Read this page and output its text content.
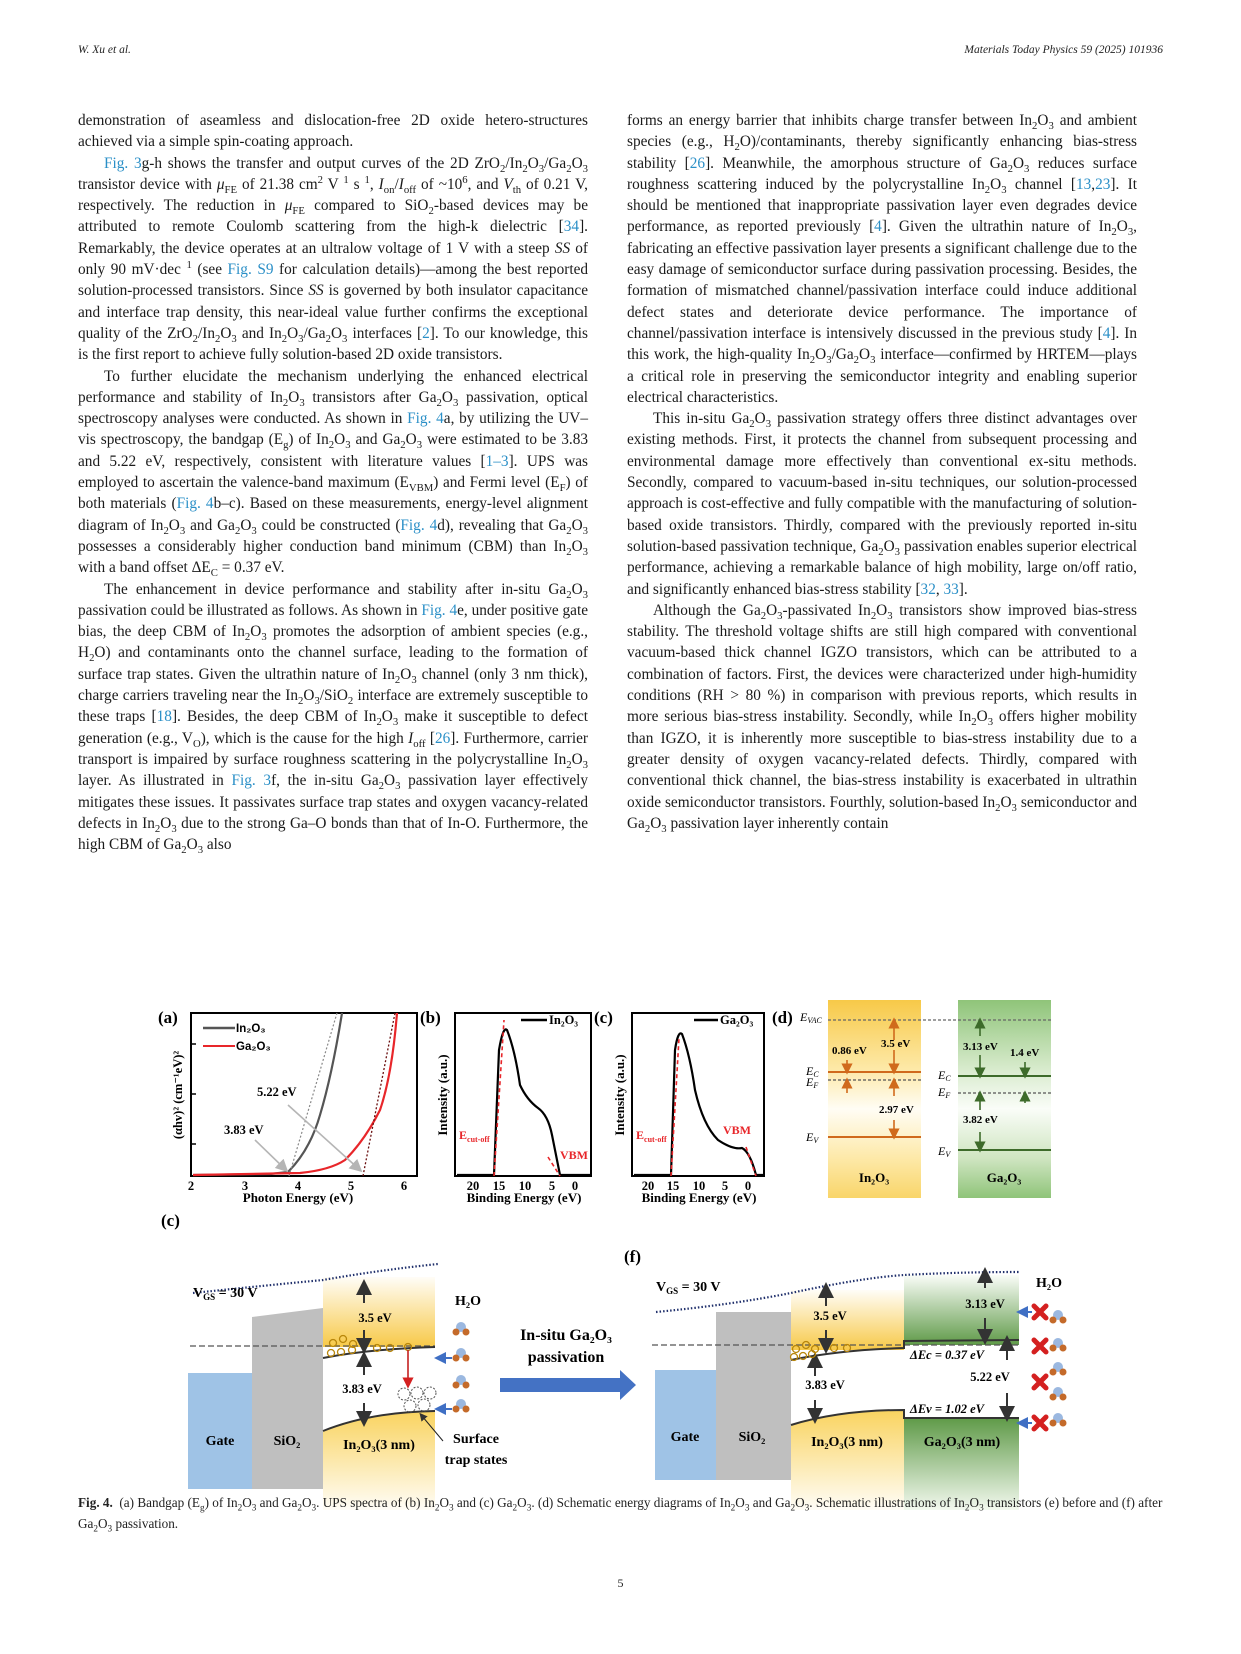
W. Xu et al.	Materials Today Physics 59 (2025) 101936

demonstration of aseamless and dislocation-free 2D oxide hetero-structures achieved via a simple spin-coating approach.

Fig. 3g-h shows the transfer and output curves of the 2D $ZrO_2/In_2O_3/Ga_2O_3$ transistor device with $\mu_{FE}$ of 21.38 $cm^2$ V $^1$ s $^1$, $I_{on}/I_{off}$ of $\sim 10^6$, and $V_{th}$ of 0.21 V, respectively. The reduction in $\mu_{FE}$ compared to SiO$_2$-based devices may be attributed to remote Coulomb scattering from the high-k dielectric [34]. Remarkably, the device operates at an ultralow voltage of 1 V with a steep SS of only 90 mV·dec $^1$ (see Fig. S9 for calculation details)—among the best reported solution-processed transistors. Since SS is governed by both insulator capacitance and interface trap density, this near-ideal value further confirms the exceptional quality of the $ZrO_2/In_2O_3$ and $In_2O_3/Ga_2O_3$ interfaces [2]. To our knowledge, this is the first report to achieve fully solution-based 2D oxide transistors.

To further elucidate the mechanism underlying the enhanced electrical performance and stability of $In_2O_3$ transistors after $Ga_2O_3$ passivation, optical spectroscopy analyses were conducted. As shown in Fig. 4a, by utilizing the UV–vis spectroscopy, the bandgap $(E_g)$ of $In_2O_3$ and $Ga_2O_3$ were estimated to be 3.83 and 5.22 eV, respectively, consistent with literature values [1–3]. UPS was employed to ascertain the valence-band maximum $(E_{VBM})$ and Fermi level $(E_F)$ of both materials (Fig. 4b–c). Based on these measurements, energy-level alignment diagram of $In_2O_3$ and $Ga_2O_3$ could be constructed (Fig. 4d), revealing that $Ga_2O_3$ possesses a considerably higher conduction band minimum (CBM) than $In_2O_3$ with a band offset $\Delta E_C = 0.37$ eV.

The enhancement in device performance and stability after in-situ $Ga_2O_3$ passivation could be illustrated as follows. As shown in Fig. 4e, under positive gate bias, the deep CBM of $In_2O_3$ promotes the adsorption of ambient species (e.g., $H_2O$) and contaminants onto the channel surface, leading to the formation of surface trap states. Given the ultrathin nature of $In_2O_3$ channel (only 3 nm thick), charge carriers traveling near the $In_2O_3/SiO_2$ interface are extremely susceptible to these traps [18]. Besides, the deep CBM of $In_2O_3$ make it susceptible to defect generation (e.g., $V_O$), which is the cause for the high $I_{off}$ [26]. Furthermore, carrier transport is impaired by surface roughness scattering in the polycrystalline $In_2O_3$ layer. As illustrated in Fig. 3f, the in-situ $Ga_2O_3$ passivation layer effectively mitigates these issues. It passivates surface trap states and oxygen vacancy-related defects in $In_2O_3$ due to the strong Ga–O bonds than that of In-O. Furthermore, the high CBM of $Ga_2O_3$ also

forms an energy barrier that inhibits charge transfer between $In_2O_3$ and ambient species (e.g., $H_2O$)/contaminants, thereby significantly enhancing bias-stress stability [26]. Meanwhile, the amorphous structure of $Ga_2O_3$ reduces surface roughness scattering induced by the polycrystalline $In_2O_3$ channel [13,23]. It should be mentioned that inappropriate passivation layer even degrades device performance, as reported previously [4]. Given the ultrathin nature of $In_2O_3$, fabricating an effective passivation layer presents a significant challenge due to the easy damage of semiconductor surface during passivation processing. Besides, the formation of mismatched channel/passivation interface could induce additional defect states and deteriorate device performance. The importance of channel/passivation interface is intensively discussed in the previous study [4]. In this work, the high-quality $In_2O_3/Ga_2O_3$ interface—confirmed by HRTEM—plays a critical role in preserving the semiconductor integrity and enabling superior electrical characteristics.

This in-situ $Ga_2O_3$ passivation strategy offers three distinct advantages over existing methods. First, it protects the channel from subsequent processing and environmental damage more effectively than conventional ex-situ methods. Secondly, compared to vacuum-based in-situ techniques, our solution-processed approach is cost-effective and fully compatible with the manufacturing of solution-based oxide transistors. Thirdly, compared with the previously reported in-situ solution-based passivation technique, $Ga_2O_3$ passivation enables superior electrical performance, achieving a remarkable balance of high mobility, large on/off ratio, and significantly enhanced bias-stress stability [32, 33].

Although the $Ga_2O_3$-passivated $In_2O_3$ transistors show improved bias-stress stability. The threshold voltage shifts are still high compared with conventional vacuum-based thick channel IGZO transistors, which can be attributed to a combination of factors. First, the devices were characterized under high-humidity conditions (RH > 80 %) in comparison with previous reports, which results in more serious bias-stress instability. Secondly, while $In_2O_3$ offers higher mobility than IGZO, it is inherently more susceptible to bias-stress instability due to a greater density of oxygen vacancy-related defects. Thirdly, compared with conventional thick channel, the bias-stress instability is exacerbated in ultrathin oxide semiconductor transistors. Fourthly, solution-based $In_2O_3$ semiconductor and $Ga_2O_3$ passivation layer inherently contain

(a)
(αhv)² (cm⁻¹eV)²
In₂O₃
Ga₂O₃
5.22 eV
3.83 eV
2	3	4	5	6
Photon Energy (eV)
(b)
Intensity (a.u.)
In₂O₃
$E_{cut-off}$
VBM
20 15 10 5 0
Binding Energy (eV)
(c)
Intensity (a.u.)
Ga₂O₃
$E_{cut-off}$
VBM
20 15 10 5 0
Binding Energy (eV)
(d) EVAC
EC
EF
EV
0.86 eV
3.5 eV
2.97 eV
In₂O₃
EC
EF
EV
3.13 eV 1.4 eV
3.82 eV
Ga₂O₃
(c)
3.5 eV
3.83 eV
H₂O
Gate	SiO₂	In₂O₃(3 nm)	Surface
trap states
$V_{GS} = 30$ V
In-situ Ga₂O₃
passivation
(f)
3.5 eV
3.13 eV
3.83 eV
5.22 eV
ΔEc = 0.37 eV
ΔEv = 1.02 eV
H₂O
Gate	SiO₂	In₂O₃(3 nm)	Ga₂O₃(3 nm)
$V_{GS} = 30$ V
Fig. 4. (a) Bandgap $(E_g)$ of $In_2O_3$ and $Ga_2O_3$. UPS spectra of (b) $In_2O_3$ and (c) $Ga_2O_3$. (d) Schematic energy diagrams of $In_2O_3$ and $Ga_2O_3$. Schematic illustrations of $In_2O_3$ transistors (e) before and (f) after $Ga_2O_3$ passivation.
5
